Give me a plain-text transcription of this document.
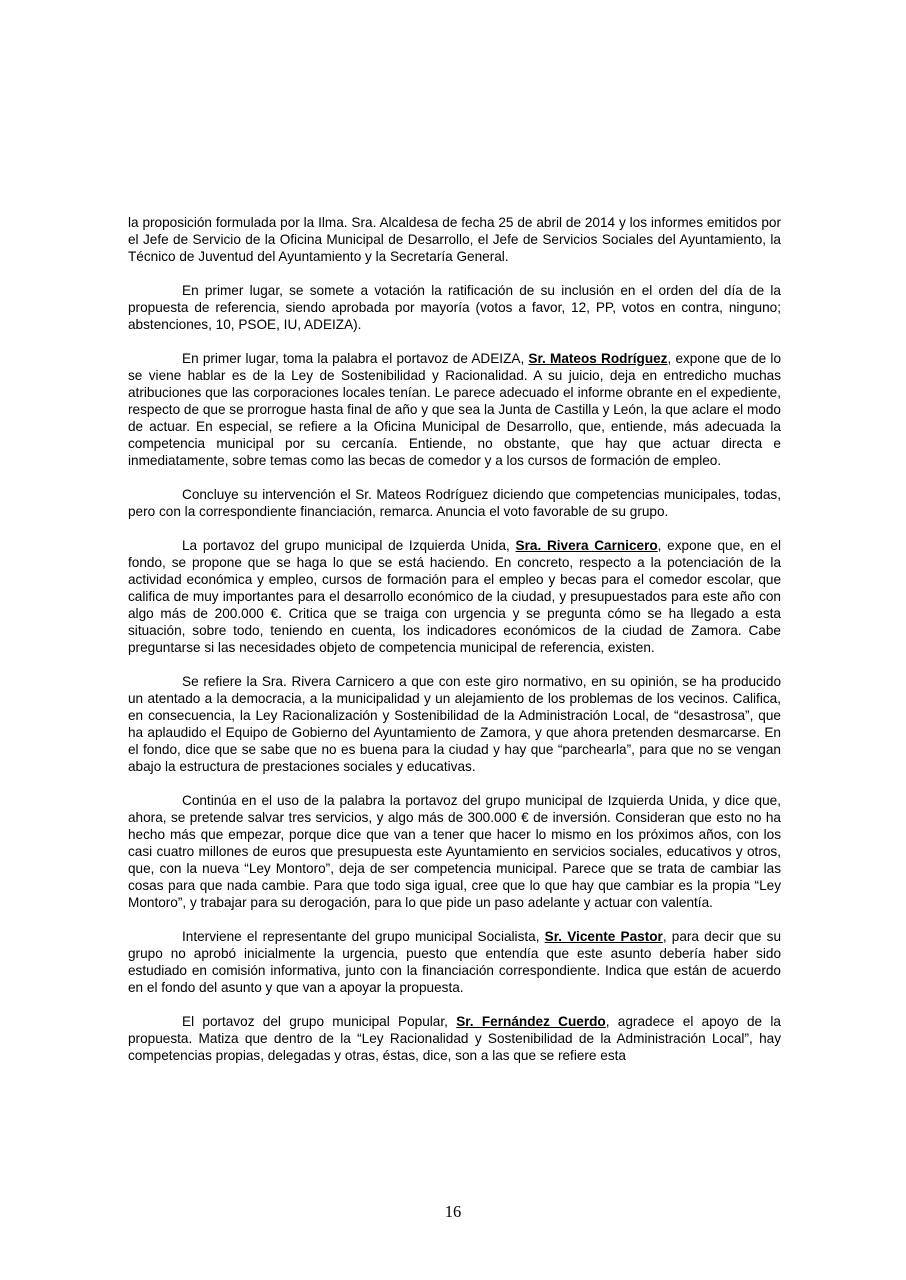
la proposición formulada por la Ilma. Sra. Alcaldesa de fecha 25 de abril de 2014 y los informes emitidos por el Jefe de Servicio de la Oficina Municipal de Desarrollo, el Jefe de Servicios Sociales del Ayuntamiento, la Técnico de Juventud del Ayuntamiento y la Secretaría General.

En primer lugar, se somete a votación la ratificación de su inclusión en el orden del día de la propuesta de referencia, siendo aprobada por mayoría (votos a favor, 12, PP, votos en contra, ninguno; abstenciones, 10, PSOE, IU, ADEIZA).

En primer lugar, toma la palabra el portavoz de ADEIZA, Sr. Mateos Rodríguez, expone que de lo se viene hablar es de la Ley de Sostenibilidad y Racionalidad. A su juicio, deja en entredicho muchas atribuciones que las corporaciones locales tenían. Le parece adecuado el informe obrante en el expediente, respecto de que se prorrogue hasta final de año y que sea la Junta de Castilla y León, la que aclare el modo de actuar. En especial, se refiere a la Oficina Municipal de Desarrollo, que, entiende, más adecuada la competencia municipal por su cercanía. Entiende, no obstante, que hay que actuar directa e inmediatamente, sobre temas como las becas de comedor y a los cursos de formación de empleo.

Concluye su intervención el Sr. Mateos Rodríguez diciendo que competencias municipales, todas, pero con la correspondiente financiación, remarca. Anuncia el voto favorable de su grupo.

La portavoz del grupo municipal de Izquierda Unida, Sra. Rivera Carnicero, expone que, en el fondo, se propone que se haga lo que se está haciendo. En concreto, respecto a la potenciación de la actividad económica y empleo, cursos de formación para el empleo y becas para el comedor escolar, que califica de muy importantes para el desarrollo económico de la ciudad, y presupuestados para este año con algo más de 200.000 €. Critica que se traiga con urgencia y se pregunta cómo se ha llegado a esta situación, sobre todo, teniendo en cuenta, los indicadores económicos de la ciudad de Zamora. Cabe preguntarse si las necesidades objeto de competencia municipal de referencia, existen.

Se refiere la Sra. Rivera Carnicero a que con este giro normativo, en su opinión, se ha producido un atentado a la democracia, a la municipalidad y un alejamiento de los problemas de los vecinos. Califica, en consecuencia, la Ley Racionalización y Sostenibilidad de la Administración Local, de “desastrosa”, que ha aplaudido el Equipo de Gobierno del Ayuntamiento de Zamora, y que ahora pretenden desmarcarse. En el fondo, dice que se sabe que no es buena para la ciudad y hay que “parchearla”, para que no se vengan abajo la estructura de prestaciones sociales y educativas.

Continúa en el uso de la palabra la portavoz del grupo municipal de Izquierda Unida, y dice que, ahora, se pretende salvar tres servicios, y algo más de 300.000 € de inversión. Consideran que esto no ha hecho más que empezar, porque dice que van a tener que hacer lo mismo en los próximos años, con los casi cuatro millones de euros que presupuesta este Ayuntamiento en servicios sociales, educativos y otros, que, con la nueva “Ley Montoro”, deja de ser competencia municipal. Parece que se trata de cambiar las cosas para que nada cambie. Para que todo siga igual, cree que lo que hay que cambiar es la propia “Ley Montoro”, y trabajar para su derogación, para lo que pide un paso adelante y actuar con valentía.

Interviene el representante del grupo municipal Socialista, Sr. Vicente Pastor, para decir que su grupo no aprobó inicialmente la urgencia, puesto que entendía que este asunto debería haber sido estudiado en comisión informativa, junto con la financiación correspondiente. Indica que están de acuerdo en el fondo del asunto y que van a apoyar la propuesta.

El portavoz del grupo municipal Popular, Sr. Fernández Cuerdo, agradece el apoyo de la propuesta. Matiza que dentro de la “Ley Racionalidad y Sostenibilidad de la Administración Local”, hay competencias propias, delegadas y otras, éstas, dice, son a las que se refiere esta

16
